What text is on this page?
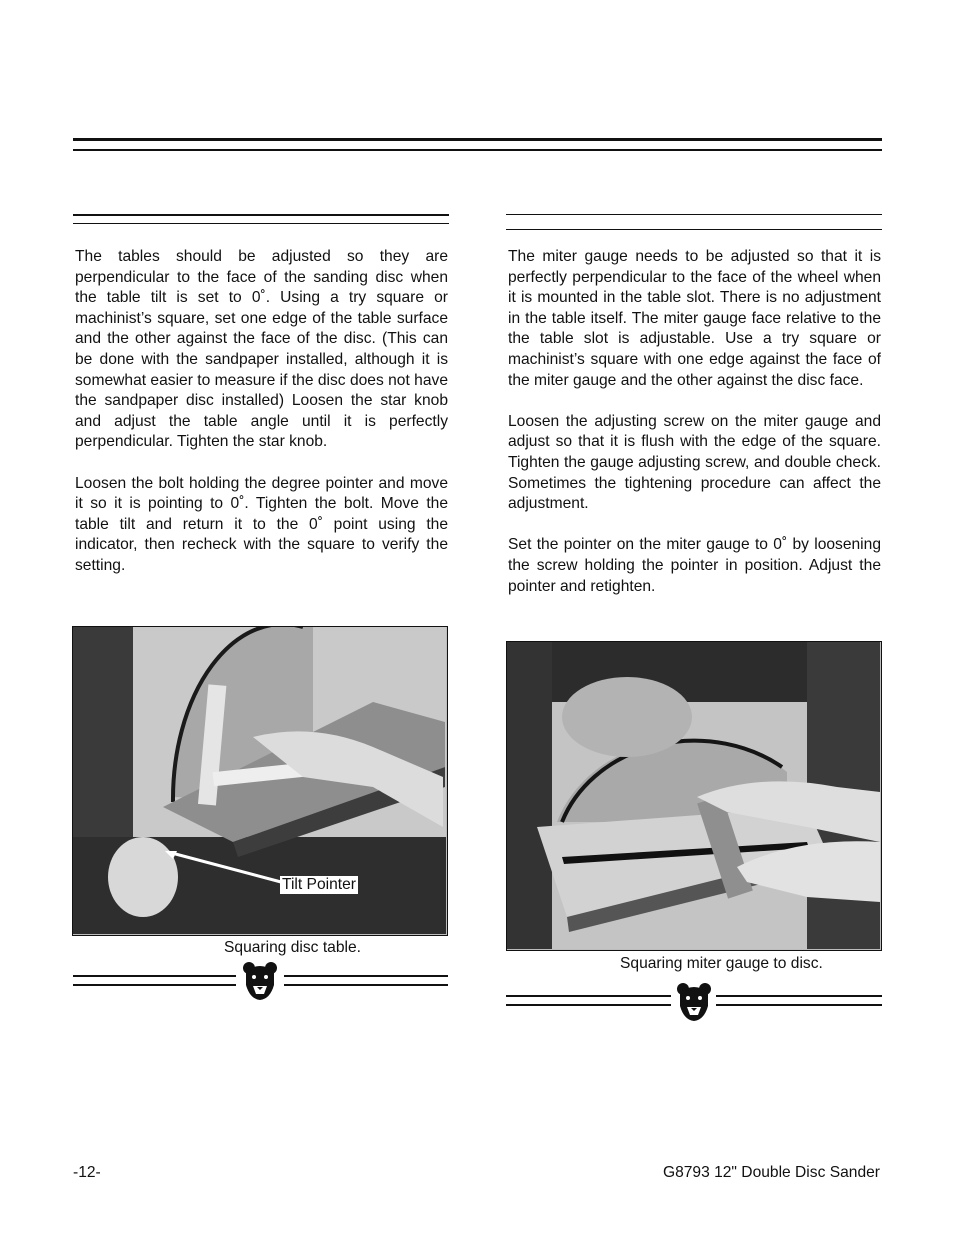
The tables should be adjusted so they are perpendicular to the face of the sanding disc when the table tilt is set to 0˚. Using a try square or machinist’s square, set one edge of the table surface and the other against the face of the disc. (This can be done with the sandpaper installed, although it is somewhat easier to measure if the disc does not have the sandpaper disc installed) Loosen the star knob and adjust the table angle until it is perfectly perpendicular. Tighten the star knob.

Loosen the bolt holding the degree pointer and move it so it is pointing to 0˚. Tighten the bolt. Move the table tilt and return it to the 0˚ point using the indicator, then recheck with the square to verify the setting.

The miter gauge needs to be adjusted so that it is perfectly perpendicular to the face of the wheel when it is mounted in the table slot. There is no adjustment in the table itself. The miter gauge face relative to the the table slot is adjustable. Use a try square or machinist’s square with one edge against the face of the miter gauge and the other against the disc face.

Loosen the adjusting screw on the miter gauge and adjust so that it is flush with the edge of the square. Tighten the gauge adjusting screw, and double check. Sometimes the tightening procedure can affect the adjustment.

Set the pointer on the miter gauge to 0˚ by loosening the screw holding the pointer in position. Adjust the pointer and retighten.

Tilt Pointer
Squaring disc table.
Squaring miter gauge to disc.
-12-	G8793 12" Double Disc Sander
